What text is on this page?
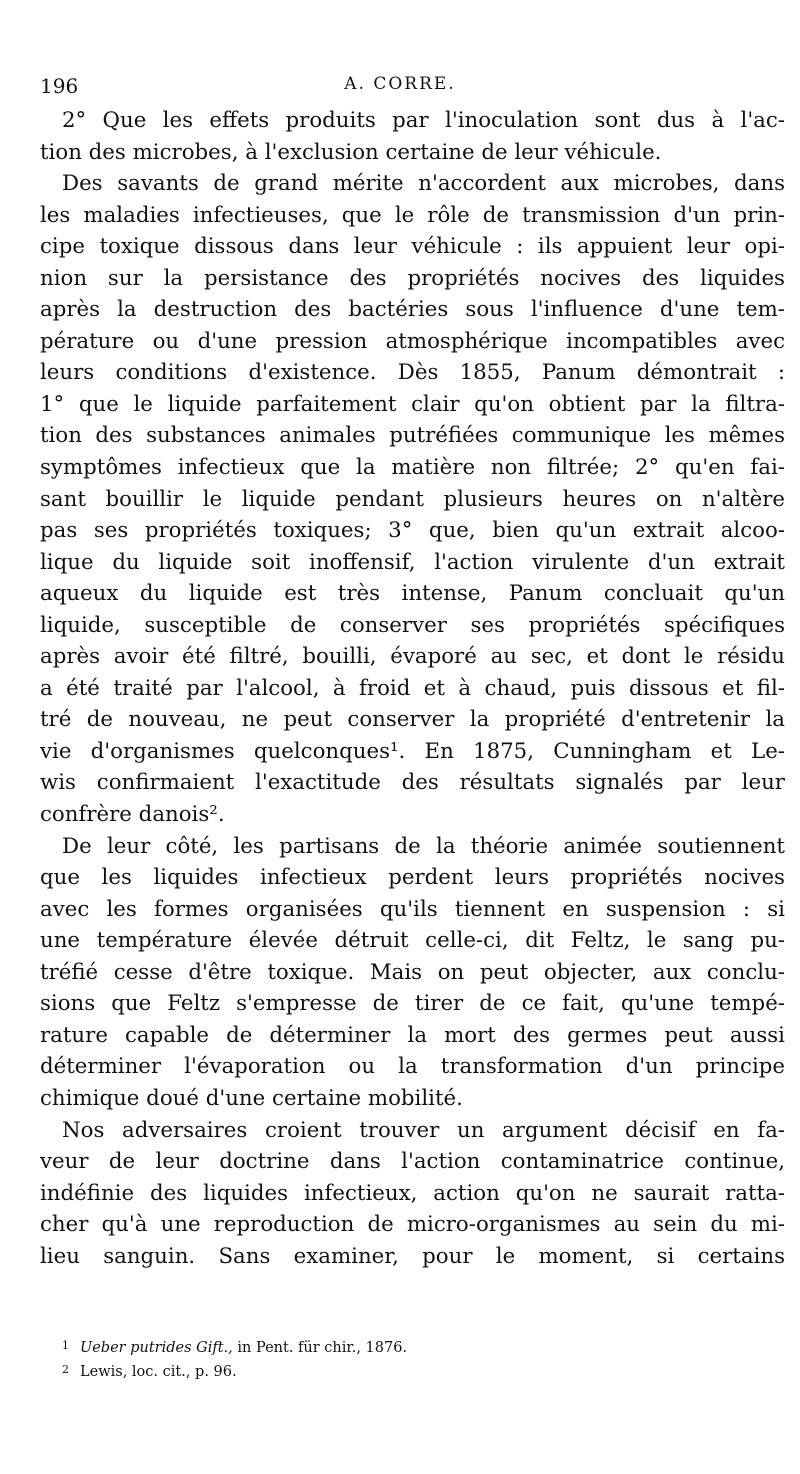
196	A. CORRE.
2° Que les effets produits par l'inoculation sont dus à l'ac-
tion des microbes, à l'exclusion certaine de leur véhicule.
Des savants de grand mérite n'accordent aux microbes, dans
les maladies infectieuses, que le rôle de transmission d'un prin-
cipe toxique dissous dans leur véhicule : ils appuient leur opi-
nion sur la persistance des propriétés nocives des liquides
après la destruction des bactéries sous l'influence d'une tem-
pérature ou d'une pression atmosphérique incompatibles avec
leurs conditions d'existence. Dès 1855, Panum démontrait :
1° que le liquide parfaitement clair qu'on obtient par la filtra-
tion des substances animales putréfiées communique les mêmes
symptômes infectieux que la matière non filtrée; 2° qu'en fai-
sant bouillir le liquide pendant plusieurs heures on n'altère
pas ses propriétés toxiques; 3° que, bien qu'un extrait alcoo-
lique du liquide soit inoffensif, l'action virulente d'un extrait
aqueux du liquide est très intense, Panum concluait qu'un
liquide, susceptible de conserver ses propriétés spécifiques
après avoir été filtré, bouilli, évaporé au sec, et dont le résidu
a été traité par l'alcool, à froid et à chaud, puis dissous et fil-
tré de nouveau, ne peut conserver la propriété d'entretenir la
vie d'organismes quelconques¹. En 1875, Cunningham et Le-
wis confirmaient l'exactitude des résultats signalés par leur
confrère danois².
De leur côté, les partisans de la théorie animée soutiennent
que les liquides infectieux perdent leurs propriétés nocives
avec les formes organisées qu'ils tiennent en suspension : si
une température élevée détruit celle-ci, dit Feltz, le sang pu-
tréfié cesse d'être toxique. Mais on peut objecter, aux conclu-
sions que Feltz s'empresse de tirer de ce fait, qu'une tempé-
rature capable de déterminer la mort des germes peut aussi
déterminer l'évaporation ou la transformation d'un principe
chimique doué d'une certaine mobilité.
Nos adversaires croient trouver un argument décisif en fa-
veur de leur doctrine dans l'action contaminatrice continue,
indéfinie des liquides infectieux, action qu'on ne saurait ratta-
cher qu'à une reproduction de micro-organismes au sein du mi-
lieu sanguin. Sans examiner, pour le moment, si certains
1 Ueber putrides Gift., in Pent. für chir., 1876.
2 Lewis, loc. cit., p. 96.
